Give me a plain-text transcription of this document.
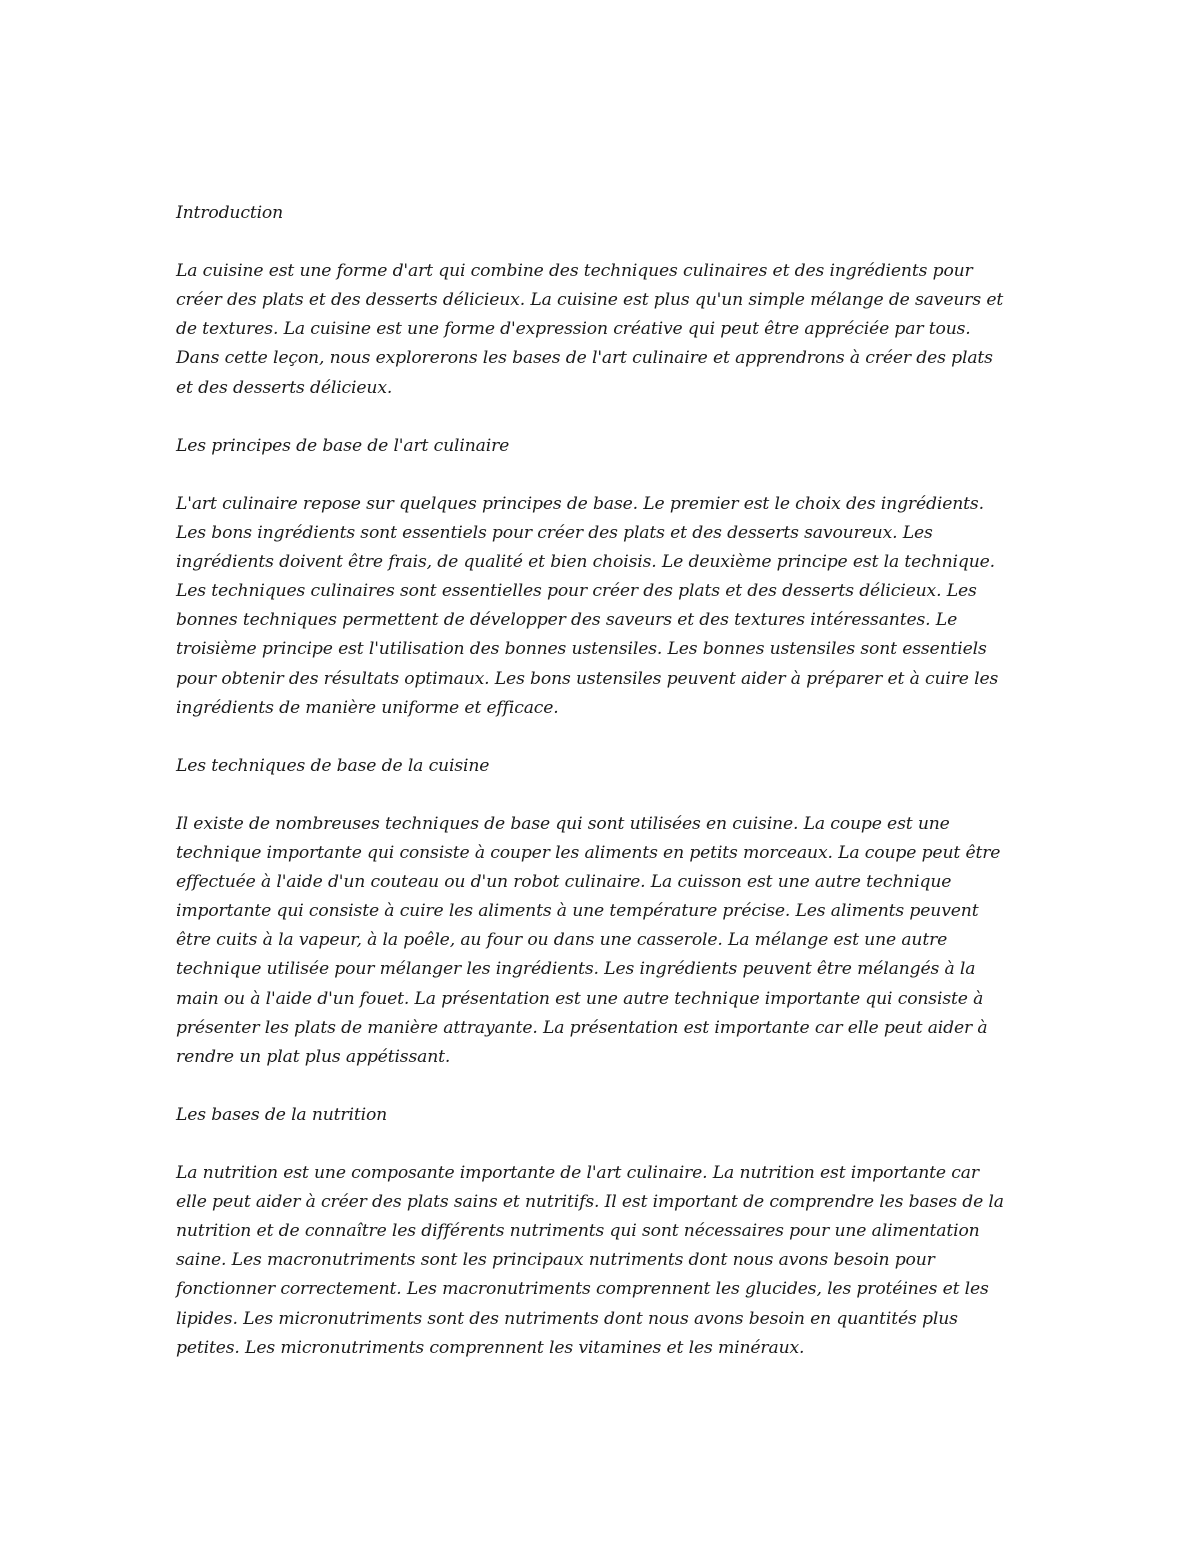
Introduction
La cuisine est une forme d'art qui combine des techniques culinaires et des ingrédients pour
créer des plats et des desserts délicieux. La cuisine est plus qu'un simple mélange de saveurs et
de textures. La cuisine est une forme d'expression créative qui peut être appréciée par tous.
Dans cette leçon, nous explorerons les bases de l'art culinaire et apprendrons à créer des plats
et des desserts délicieux.
Les principes de base de l'art culinaire
L'art culinaire repose sur quelques principes de base. Le premier est le choix des ingrédients.
Les bons ingrédients sont essentiels pour créer des plats et des desserts savoureux. Les
ingrédients doivent être frais, de qualité et bien choisis. Le deuxième principe est la technique.
Les techniques culinaires sont essentielles pour créer des plats et des desserts délicieux. Les
bonnes techniques permettent de développer des saveurs et des textures intéressantes. Le
troisième principe est l'utilisation des bonnes ustensiles. Les bonnes ustensiles sont essentiels
pour obtenir des résultats optimaux. Les bons ustensiles peuvent aider à préparer et à cuire les
ingrédients de manière uniforme et efficace.
Les techniques de base de la cuisine
Il existe de nombreuses techniques de base qui sont utilisées en cuisine. La coupe est une
technique importante qui consiste à couper les aliments en petits morceaux. La coupe peut être
effectuée à l'aide d'un couteau ou d'un robot culinaire. La cuisson est une autre technique
importante qui consiste à cuire les aliments à une température précise. Les aliments peuvent
être cuits à la vapeur, à la poêle, au four ou dans une casserole. La mélange est une autre
technique utilisée pour mélanger les ingrédients. Les ingrédients peuvent être mélangés à la
main ou à l'aide d'un fouet. La présentation est une autre technique importante qui consiste à
présenter les plats de manière attrayante. La présentation est importante car elle peut aider à
rendre un plat plus appétissant.
Les bases de la nutrition
La nutrition est une composante importante de l'art culinaire. La nutrition est importante car
elle peut aider à créer des plats sains et nutritifs. Il est important de comprendre les bases de la
nutrition et de connaître les différents nutriments qui sont nécessaires pour une alimentation
saine. Les macronutriments sont les principaux nutriments dont nous avons besoin pour
fonctionner correctement. Les macronutriments comprennent les glucides, les protéines et les
lipides. Les micronutriments sont des nutriments dont nous avons besoin en quantités plus
petites. Les micronutriments comprennent les vitamines et les minéraux.
